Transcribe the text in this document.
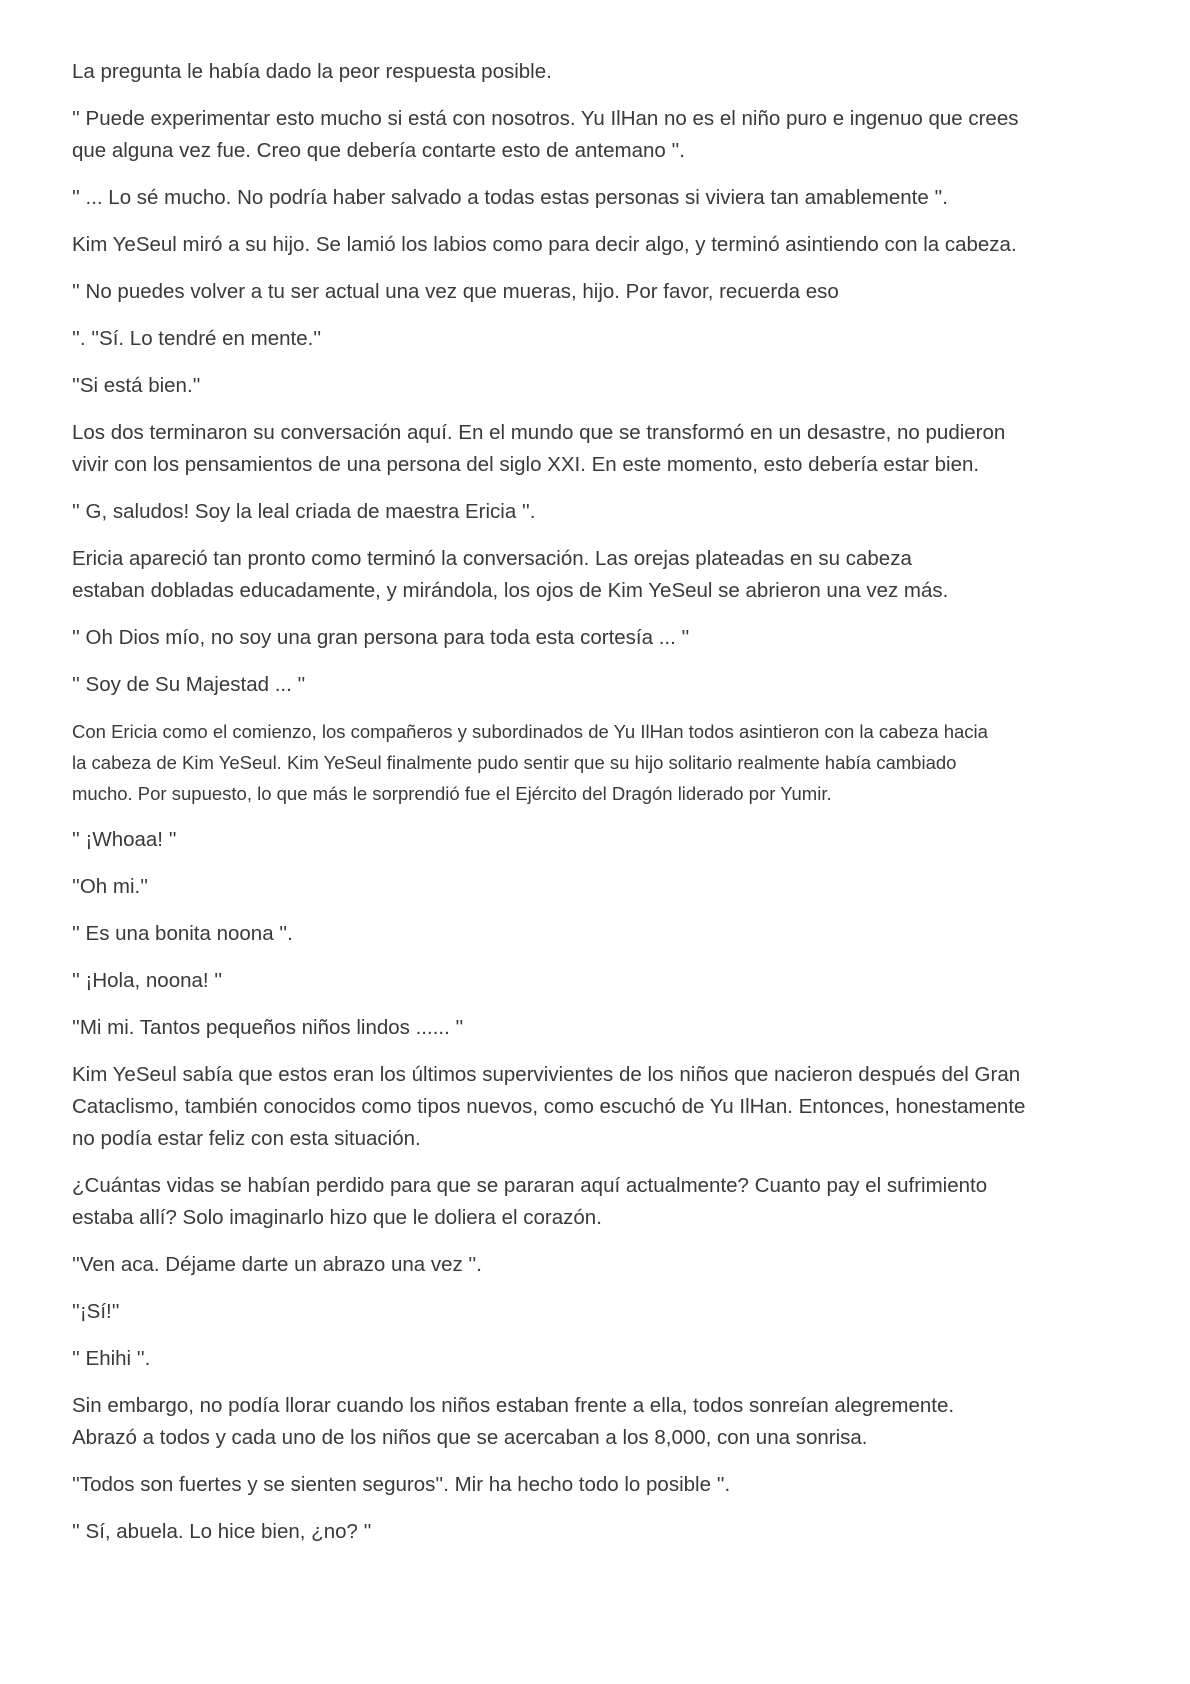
La pregunta le había dado la peor respuesta posible.

'' Puede experimentar esto mucho si está con nosotros. Yu IlHan no es el niño puro e ingenuo que crees
que alguna vez fue. Creo que debería contarte esto de antemano ''.

'' ... Lo sé mucho. No podría haber salvado a todas estas personas si viviera tan amablemente ''.

Kim YeSeul miró a su hijo. Se lamió los labios como para decir algo, y terminó asintiendo con la cabeza.

'' No puedes volver a tu ser actual una vez que mueras, hijo. Por favor, recuerda eso

''. ''Sí. Lo tendré en mente.''

''Si está bien.''

Los dos terminaron su conversación aquí. En el mundo que se transformó en un desastre, no pudieron
vivir con los pensamientos de una persona del siglo XXI. En este momento, esto debería estar bien.

'' G, saludos! Soy la leal criada de maestra Ericia ''.

Ericia apareció tan pronto como terminó la conversación. Las orejas plateadas en su cabeza
estaban dobladas educadamente, y mirándola, los ojos de Kim YeSeul se abrieron una vez más.

'' Oh Dios mío, no soy una gran persona para toda esta cortesía ... ''

'' Soy de Su Majestad ... ''

Con Ericia como el comienzo, los compañeros y subordinados de Yu IlHan todos asintieron con la cabeza hacia
la cabeza de Kim YeSeul. Kim YeSeul finalmente pudo sentir que su hijo solitario realmente había cambiado
mucho. Por supuesto, lo que más le sorprendió fue el Ejército del Dragón liderado por Yumir.

'' ¡Whoaa! ''

''Oh mi.''

'' Es una bonita noona ''.

'' ¡Hola, noona! ''

''Mi mi. Tantos pequeños niños lindos ...... ''

Kim YeSeul sabía que estos eran los últimos supervivientes de los niños que nacieron después del Gran
Cataclismo, también conocidos como tipos nuevos, como escuchó de Yu IlHan. Entonces, honestamente
no podía estar feliz con esta situación.

¿Cuántas vidas se habían perdido para que se pararan aquí actualmente? Cuanto pay el sufrimiento
estaba allí? Solo imaginarlo hizo que le doliera el corazón.

''Ven aca. Déjame darte un abrazo una vez ''.

''¡Sí!''

'' Ehihi ''.

Sin embargo, no podía llorar cuando los niños estaban frente a ella, todos sonreían alegremente.
Abrazó a todos y cada uno de los niños que se acercaban a los 8,000, con una sonrisa.

''Todos son fuertes y se sienten seguros''. Mir ha hecho todo lo posible ''.

'' Sí, abuela. Lo hice bien, ¿no? ''
